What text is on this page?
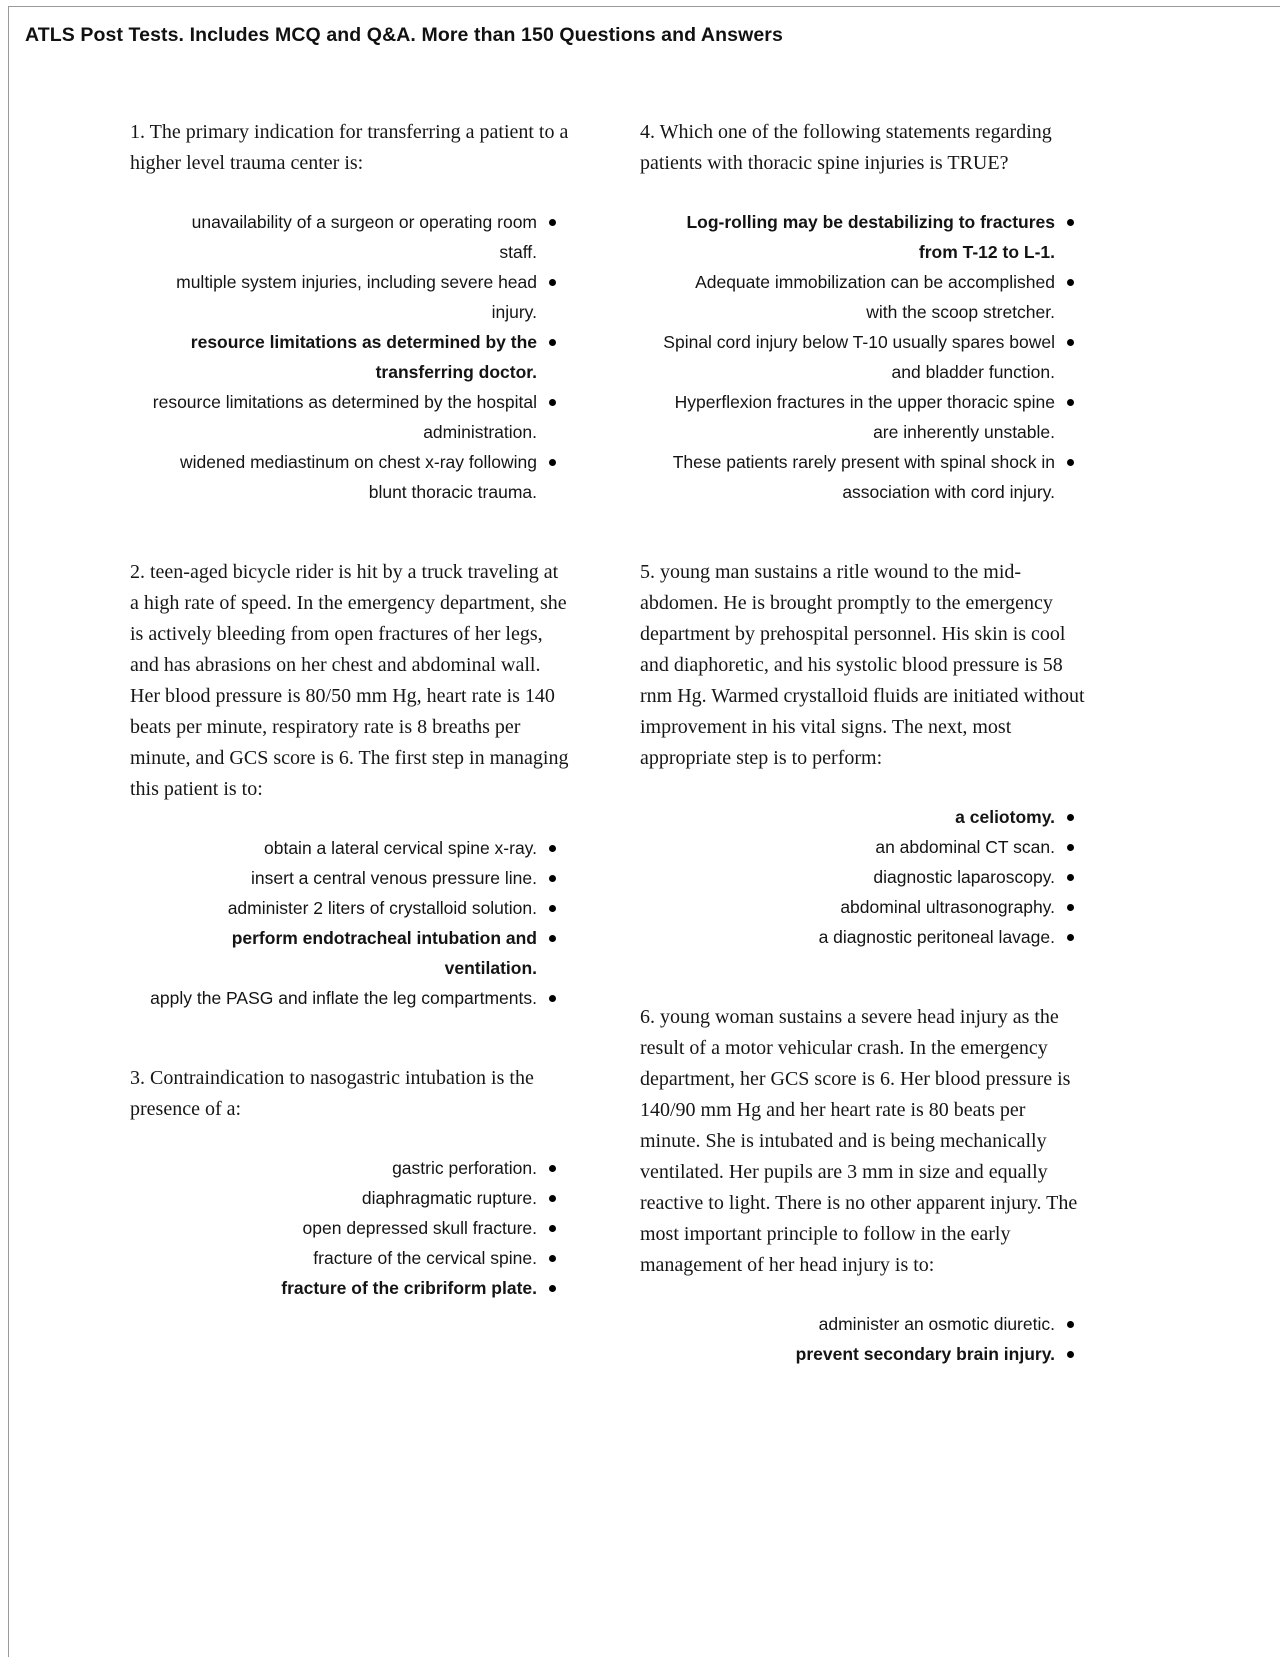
ATLS Post Tests. Includes MCQ and Q&A. More than 150 Questions and Answers

1. The primary indication for transferring a patient to a higher level trauma center is:

unavailability of a surgeon or operating room staff.
multiple system injuries, including severe head injury.
resource limitations as determined by the transferring doctor.
resource limitations as determined by the hospital administration.
widened mediastinum on chest x-ray following blunt thoracic trauma.

2. teen-aged bicycle rider is hit by a truck traveling at a high rate of speed. In the emergency department, she is actively bleeding from open fractures of her legs, and has abrasions on her chest and abdominal wall. Her blood pressure is 80/50 mm Hg, heart rate is 140 beats per minute, respiratory rate is 8 breaths per minute, and GCS score is 6. The first step in managing this patient is to:

obtain a lateral cervical spine x-ray.
insert a central venous pressure line.
administer 2 liters of crystalloid solution.
perform endotracheal intubation and ventilation.
apply the PASG and inflate the leg compartments.

3. Contraindication to nasogastric intubation is the presence of a:

gastric perforation.
diaphragmatic rupture.
open depressed skull fracture.
fracture of the cervical spine.
fracture of the cribriform plate.

4. Which one of the following statements regarding patients with thoracic spine injuries is TRUE?

Log-rolling may be destabilizing to fractures from T-12 to L-1.
Adequate immobilization can be accomplished with the scoop stretcher.
Spinal cord injury below T-10 usually spares bowel and bladder function.
Hyperflexion fractures in the upper thoracic spine are inherently unstable.
These patients rarely present with spinal shock in association with cord injury.

5. young man sustains a ritle wound to the mid-abdomen. He is brought promptly to the emergency department by prehospital personnel. His skin is cool and diaphoretic, and his systolic blood pressure is 58 rnm Hg. Warmed crystalloid fluids are initiated without improvement in his vital signs. The next, most appropriate step is to perform:

a celiotomy.
an abdominal CT scan.
diagnostic laparoscopy.
abdominal ultrasonography.
a diagnostic peritoneal lavage.

6. young woman sustains a severe head injury as the result of a motor vehicular crash. In the emergency department, her GCS score is 6. Her blood pressure is 140/90 mm Hg and her heart rate is 80 beats per minute. She is intubated and is being mechanically ventilated. Her pupils are 3 mm in size and equally reactive to light. There is no other apparent injury. The most important principle to follow in the early management of her head injury is to:

administer an osmotic diuretic.
prevent secondary brain injury.
